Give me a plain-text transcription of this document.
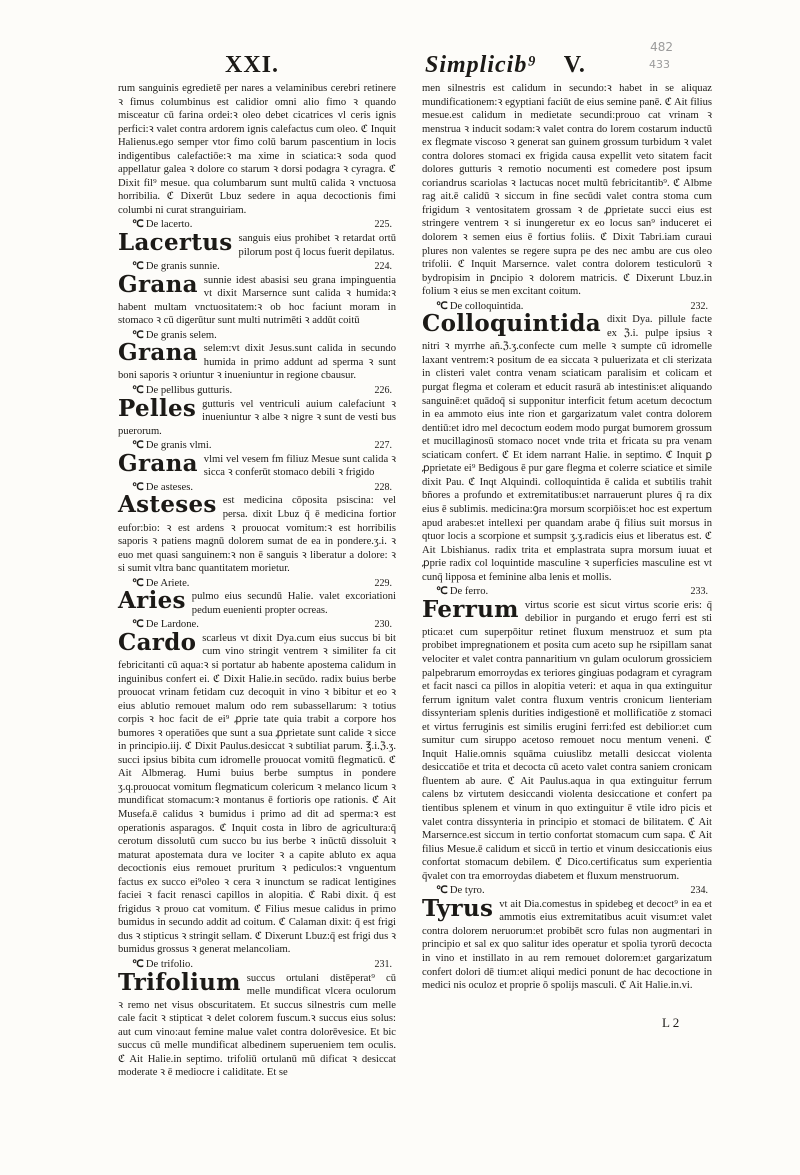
XXI.	Simplicib⁹ V.
482
433

rum sanguinis egredietē per nares a velaminibus cerebri retinere ꝛ fimus columbinus est calidior omni alio fimo ꝛ quando misceatur cū farina ordei:ꝛ oleo debet cicatrices vl ceris ignis perfici:ꝛ valet contra ardorem ignis calefactus cum oleo. ℭ Inquit Halienus.ego semper vtor fimo colū barum pascentium in locis indigentibus calefactiōe:ꝛ ma xime in sciatica:ꝛ soda quod appellatur galea ꝛ dolore co starum ꝛ dorsi podagra ꝛ cyragra. ℭ Dixit fil⁹ mesue. qua columbarum sunt multū calida ꝛ vnctuosa horribilia. ℭ Dixerūt Lbuz sedere in aqua decoctionis fimi columbi ni curat stranguiriam.

℃ De lacerto.	225.

Lacertus sanguis eius prohibet ꝛ retardat ortū pilorum post q̄ locus fuerit depilatus.

℃ De granis sunnie.	224.

Grana sunnie idest abasisi seu grana impinguentia vt dixit Marsernce sunt calida ꝛ humida:ꝛ habent multam vnctuositatem:ꝛ ob hoc faciunt moram in stomaco ꝛ cū digerūtur sunt multi nutrimēti ꝛ addūt coitū

℃ De granis selem.

Grana selem:vt dixit Jesus.sunt calida in secundo humida in primo addunt ad sperma ꝛ sunt boni saporis ꝛ oriuntur ꝛ inueniuntur in regione cbausur.

℃ De pellibus gutturis.	226.

Pelles gutturis vel ventriculi auium calefaciunt ꝛ inueniuntur ꝛ albe ꝛ nigre ꝛ sunt de vesti bus puerorum.

℃ De granis vlmi.	227.

Grana vlmi vel vesem fm filiuz Mesue sunt calida ꝛ sicca ꝛ conferūt stomaco debili ꝛ frigido

℃ De asteses.	228.

Asteses est medicina cōposita psiscina: vel persa. dixit Lbuz q̄ ē medicina fortior eufor:bio: ꝛ est ardens ꝛ prouocat vomitum:ꝛ est horribilis saporis ꝛ patiens magnū dolorem sumat de ea in pondere.ʒ.i. ꝛ euo met quasi sanguinem:ꝛ non ē sanguis ꝛ liberatur a dolore: ꝛ si sumit vltra banc quantitatem morietur.

℃ De Ariete.	229.

Aries pulmo eius secundū Halie. valet excoriationi pedum euenienti propter ocreas.

℃ De Lardone.	230.

Cardo scarleus vt dixit Dya.cum eius succus bi bit cum vino stringit ventrem ꝛ similiter fa cit febricitanti cū aqua:ꝛ si portatur ab habente apostema calidum in inguinibus confert ei. ℭ Dixit Halie.in secūdo. radix buius berbe prouocat vrinam fetidam cuz decoquit in vino ꝛ bibitur et eo ꝛ eius ablutio remouet malum odo rem subassellarum: ꝛ totius corpis ꝛ hoc facit de ei⁹ ꝓprie tate quia trabit a corpore hos bumores ꝛ operatiōes que sunt a sua ꝓprietate sunt calide ꝛ sicce in principio.iij. ℭ Dixit Paulus.desiccat ꝛ subtiliat parum. ℥.i.ℨ.ʒ. succi ipsius bibita cum idromelle prouocat vomitū flegmaticū. ℭ Ait Albmerag. Humi buius berbe sumptus in pondere ʒ.q.prouocat vomitum flegmaticum colericum ꝛ melanco licum ꝛ mundificat stomacum:ꝛ montanus ē fortioris ope rationis. ℭ Ait Musefa.ē calidus ꝛ bumidus i primo ad dit ad sperma:ꝛ est operationis asparagos. ℭ Inquit costa in libro de agricultura:q̄ cerotum dissolutū cum succo bu ius berbe ꝛ inūctū dissoluit ꝛ maturat apostemata dura ve lociter ꝛ a capite abluto ex aqua decoctionis eius remouet pruritum ꝛ pediculos:ꝛ vnguentum factus ex succo ei⁹oleo ꝛ cera ꝛ inunctum se radicat lentigines faciei ꝛ facit renasci capillos in alopitia. ℭ Rabi dixit. q̄ est frigidus ꝛ prouo cat vomitum. ℭ Filius mesue calidus in primo bumidus in secundo addit ad coitum. ℭ Calaman dixit: q̄ est frigi dus ꝛ stipticus ꝛ stringit sellam. ℭ Dixerunt Lbuz:q̄ est frigi dus ꝛ bumidus grossus ꝛ generat melancoliam.

℃ De trifolio.	231.

Trifolium succus ortulani distēperat⁹ cū melle mundificat vlcera oculorum ꝛ remo net visus obscuritatem. Et succus silnestris cum melle cale facit ꝛ stipticat ꝛ delet colorem fuscum.ꝛ succus eius solus: aut cum vino:aut femine malue valet contra dolorēvesice. Et bic succus cū melle mundificat albedinem superueniem tem oculis. ℭ Ait Halie.in septimo. trifoliū ortulanū mū dificat ꝛ desiccat moderate ꝛ ē mediocre i caliditate. Et se

men silnestris est calidum in secundo:ꝛ habet in se aliquaz mundificationem:ꝛ egyptiani faciūt de eius semine panē. ℭ Ait filius mesue.est calidum in medietate secundi:prouo cat vrinam ꝛ menstrua ꝛ inducit sodam:ꝛ valet contra do lorem costarum inductū ex flegmate viscoso ꝛ generat san guinem grossum turbidum ꝛ valet contra dolores stomaci ex frigida causa expellit veto sitatem facit dolores gutturis ꝛ remotio nocumenti est comedere post ipsum coriandrus scariolas ꝛ lactucas nocet multū febricitantib⁹. ℭ Albme rag ait.ē calidū ꝛ siccum in fine secūdi valet contra stoma cum frigidum ꝛ ventositatem grossam ꝛ de ꝓprietate succi eius est stringere ventrem ꝛ si inungeretur ex eo locus san⁹ induceret ei dolorem ꝛ semen eius ē fortius foliis. ℭ Dixit Tabri.iam curaui plures non valentes se regere supra pe des nec ambu are cus oleo trifolii. ℭ Inquit Marsernce. valet contra dolorem testiculorū ꝛ bydropisim in ꝑncipio ꝛ dolorem matricis. ℭ Dixerunt Lbuz.in folium ꝛ eius se men excitant coitum.

℃ De colloquintida.	232.

Colloquintida dixit Dya. pillule facte ex ℨ.i. pulpe ipsius ꝛ nitri ꝛ myrrhe añ.ℨ.ʒ.confecte cum melle ꝛ sumpte cū idromelle laxant ventrem:ꝛ positum de ea siccata ꝛ puluerizata et cli sterizata in clisteri valet contra venam sciaticam paralisim et colicam et purgat flegma et coleram et educit rasurā ab intestinis:et aliquando sanguinē:et quādoq̄ si supponitur interficit fetum acetum decoctum in ea ammoto eius inte rion et gargarizatum valet contra dolorem dentiū:et idro mel decoctum eodem modo purgat bumorem grossum et mucillaginosū stomaco nocet vnde trita et fricata su pra venam sciaticam confert. ℭ Et idem narrant Halie. in septimo. ℭ Inquit ꝑ ꝓprietate ei⁹ Bedigous ē pur gare flegma et colerre sciatice et simile dixit Pau. ℭ Inqt Alquindi. colloquintida ē calida et subtilis trahit bñores a profundo et extremitatibus:et narrauerunt plures q̄ ra dix eius ē sublimis. medicina:ꝯra morsum scorpiōis:et hoc est expertum apud arabes:et intellexi per quandam arabe q̄ filius suit morsus in qtuor locis a scorpione et sumpsit ʒ.ʒ.radicis eius et liberatus est. ℭ Ait Lbishianus. radix trita et emplastrata supra morsum iuuat et ꝓprie radix col loquintide masculine ꝛ superficies masculine est vt cunq̄ lipposa et feminine alba lenis et mollis.

℃ De ferro.	233.

Ferrum virtus scorie est sicut virtus scorie eris: q̄ debilior in purgando et erugo ferri est sti ptica:et cum superpōitur retinet fluxum menstruoz et sum pta probibet impregnationem et posita cum aceto sup he rsipillam sanat velociter et valet contra pannaritium vn gulam oculorum grossiciem palpebrarum emorroydas ex teriores gingiuas podagram et cyragram et facit nasci ca pillos in alopitia veteri: et aqua in qua extinguitur ferrum ignitum valet contra fluxum ventris cronicum lienteriam dissynteriam splenis durities indigestionē et mollificatiōe z stomaci et virtus ferruginis est similis erugini ferri:fed est debilior:et cum sumitur cum siruppo acetoso remouet nocu mentum veneni. ℭ Inquit Halie.omnis squāma cuiuslibz metalli desiccat violenta desiccatiōe et trita et decocta cū aceto valet contra saniem cronicam fluentem ab aure. ℭ Ait Paulus.aqua in qua extinguitur ferrum calens bz virtutem desiccandi violenta desiccatione et confert pa tientibus splenem et vinum in quo extinguitur ē vtile idro picis et valet contra dissynteria in principio et stomaci de bilitatem. ℭ Ait Marsernce.est siccum in tertio confortat stomacum cum sapa. ℭ Ait filius Mesue.ē calidum et siccū in tertio et vinum desiccationis eius confortat stomacum debilem. ℭ Dico.certificatus sum experientia q̄valet con tra emorroydas diabetem et fluxum menstruorum.

℃ De tyro.	234.

Tyrus vt ait Dia.comestus in spidebeg et decoct⁹ in ea et ammotis eius extremitatibus acuit visum:et valet contra dolorem neruorum:et probibēt scro fulas non augmentari in principio et sal ex quo salitur ides operatur et spolia tyrorū decocta in vino et instillato in au rem remouet dolorem:et gargarizatum confert dolori dē tium:et aliqui medici ponunt de hac decoctione in medici nis oculoz et proprie ō spolijs masculi. ℭ Ait Halie.in.vi.

L 2
